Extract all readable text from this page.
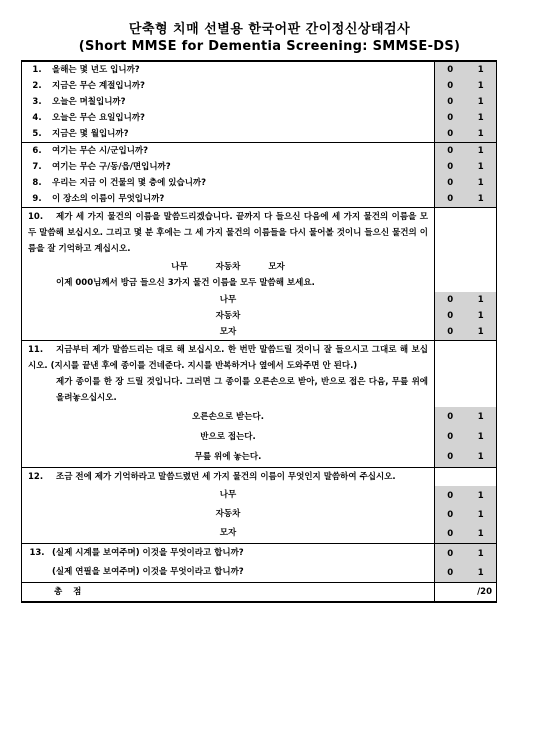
단축형 치매 선별용 한국어판 간이정신상태검사
(Short MMSE for Dementia Screening: SMMSE-DS)
1. 올해는 몇 년도 입니까?	0 1
2. 지금은 무슨 계절입니까?	0 1
3. 오늘은 며칠입니까?	0 1
4. 오늘은 무슨 요일입니까?	0 1
5. 지금은 몇 월입니까?	0 1
6. 여기는 무슨 시/군입니까?	0 1
7. 여기는 무슨 구/동/읍/면입니까?	0 1
8. 우리는 지금 이 건물의 몇 층에 있습니까?	0 1
9. 이 장소의 이름이 무엇입니까?	0 1

10. 제가 세 가지 물건의 이름을 말씀드리겠습니다. 끝까지 다 들으신 다음에 세 가지 물건의 이름을 모두 말씀해 보십시오. 그리고 몇 분 후에는 그 세 가지 물건의 이름들을 다시 물어볼 것이니 들으신 물건의 이름을 잘 기억하고 계십시오.
나무 자동차 모자
이제 000님께서 방금 들으신 3가지 물건 이름을 모두 말씀해 보세요.	

나무	0 1
자동차	0 1
모자	0 1

11. 지금부터 제가 말씀드리는 대로 해 보십시오. 한 번만 말씀드릴 것이니 잘 들으시고 그대로 해 보십시오. (지시를 끝낸 후에 종이를 건네준다. 지시를 반복하거나 옆에서 도와주면 안 된다.)
제가 종이를 한 장 드릴 것입니다. 그러면 그 종이를 오른손으로 받아, 반으로 접은 다음, 무릎 위에 올려놓으십시오.	

오른손으로 받는다.	0 1
반으로 접는다.	0 1
무릎 위에 놓는다.	0 1

12. 조금 전에 제가 기억하라고 말씀드렸던 세 가지 물건의 이름이 무엇인지 말씀하여 주십시오.	

나무	0 1
자동차	0 1
모자	0 1
13. (실제 시계를 보여주며) 이것을 무엇이라고 합니까?	0 1
(실제 연필을 보여주며) 이것을 무엇이라고 합니까?	0 1
총 점	/20
